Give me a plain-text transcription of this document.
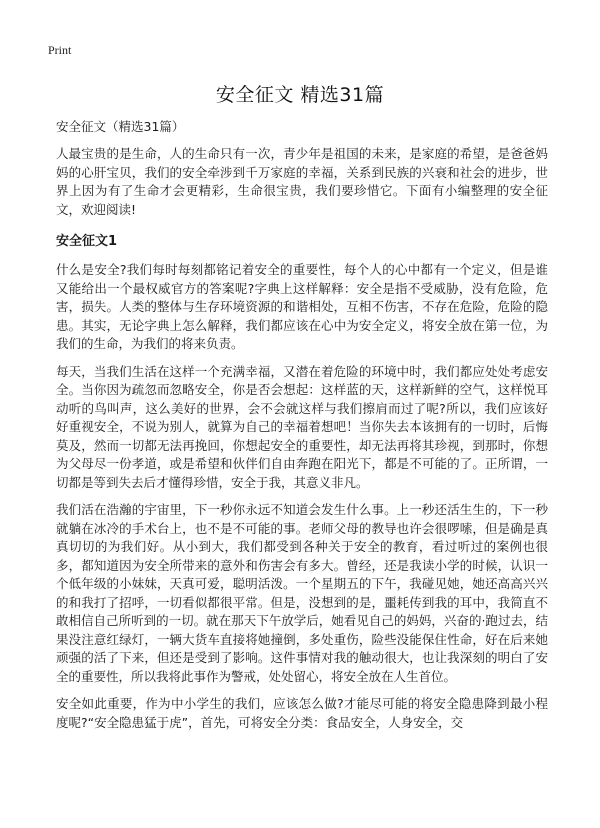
Print
安全征文 精选31篇

安全征文（精选31篇）

人最宝贵的是生命，人的生命只有一次，青少年是祖国的未来，是家庭的希望，是爸爸妈妈的心肝宝贝，我们的安全牵涉到千万家庭的幸福，关系到民族的兴衰和社会的进步，世界上因为有了生命才会更精彩，生命很宝贵，我们要珍惜它。下面有小编整理的安全征文，欢迎阅读!

安全征文1

什么是安全?我们每时每刻都铭记着安全的重要性，每个人的心中都有一个定义，但是谁又能给出一个最权威官方的答案呢?字典上这样解释：安全是指不受威胁，没有危险，危害，损失。人类的整体与生存环境资源的和谐相处，互相不伤害，不存在危险，危险的隐患。其实，无论字典上怎么解释，我们都应该在心中为安全定义，将安全放在第一位，为我们的生命，为我们的将来负责。

每天，当我们生活在这样一个充满幸福，又潜在着危险的环境中时，我们都应处处考虑安全。当你因为疏忽而忽略安全，你是否会想起：这样蓝的天，这样新鲜的空气，这样悦耳动听的鸟叫声，这么美好的世界，会不会就这样与我们擦肩而过了呢?所以，我们应该好好重视安全，不说为别人，就算为自己的幸福着想吧！当你失去本该拥有的一切时，后悔莫及，然而一切都无法再挽回，你想起安全的重要性，却无法再将其珍视，到那时，你想为父母尽一份孝道，或是希望和伙伴们自由奔跑在阳光下，都是不可能的了。正所谓，一切都是等到失去后才懂得珍惜，安全于我，其意义非凡。

我们活在浩瀚的宇宙里，下一秒你永远不知道会发生什么事。上一秒还活生生的，下一秒就躺在冰冷的手术台上，也不是不可能的事。老师父母的教导也许会很啰嗦，但是确是真真切切的为我们好。从小到大，我们都受到各种关于安全的教育，看过听过的案例也很多，都知道因为安全所带来的意外和伤害会有多大。曾经，还是我读小学的时候，认识一个低年级的小妹妹，天真可爱，聪明活泼。一个星期五的下午，我碰见她，她还高高兴兴的和我打了招呼，一切看似都很平常。但是，没想到的是，噩耗传到我的耳中，我简直不敢相信自己所听到的一切。就在那天下午放学后，她看见自己的妈妈，兴奋的·跑过去，结果没注意红绿灯，一辆大货车直接将她撞倒，多处重伤，险些没能保住性命，好在后来她顽强的活了下来，但还是受到了影响。这件事情对我的触动很大，也让我深刻的明白了安全的重要性，所以我将此事作为警戒，处处留心，将安全放在人生首位。

安全如此重要，作为中小学生的我们，应该怎么做?才能尽可能的将安全隐患降到最小程度呢?“安全隐患猛于虎”，首先，可将安全分类：食品安全，人身安全，交
